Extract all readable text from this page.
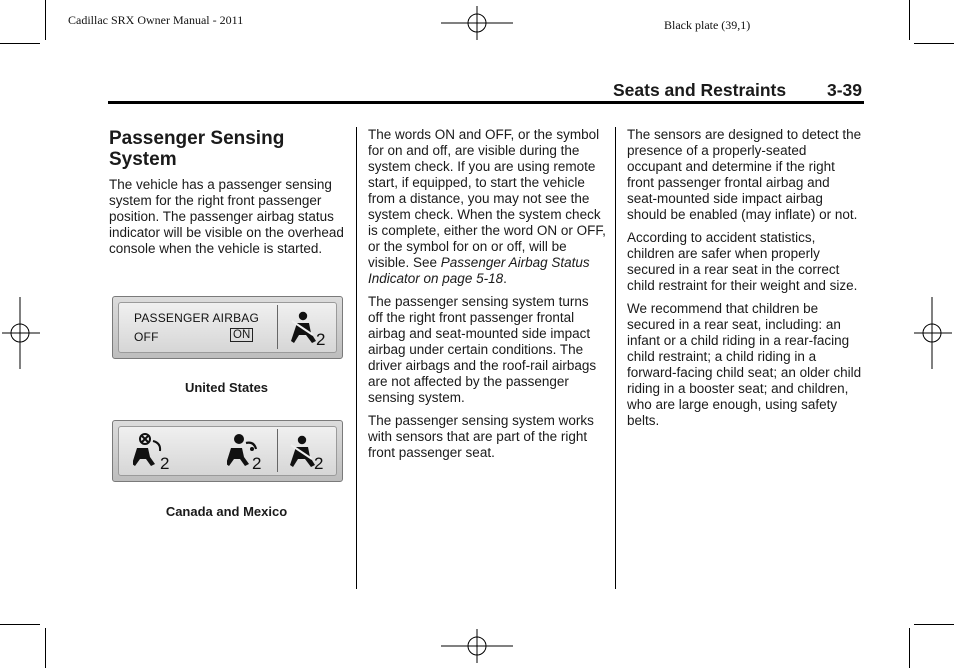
Cadillac SRX Owner Manual - 2011	Black plate (39,1)
Seats and Restraints 3-39
Passenger Sensing System

The vehicle has a passenger sensing system for the right front passenger position. The passenger airbag status indicator will be visible on the overhead console when the vehicle is started.

PASSENGER AIRBAG
OFF	ON	2
United States
2	2	2
Canada and Mexico

The words ON and OFF, or the symbol for on and off, are visible during the system check. If you are using remote start, if equipped, to start the vehicle from a distance, you may not see the system check. When the system check is complete, either the word ON or OFF, or the symbol for on or off, will be visible. See Passenger Airbag Status Indicator on page 5-18.

The passenger sensing system turns off the right front passenger frontal airbag and seat-mounted side impact airbag under certain conditions. The driver airbags and the roof-rail airbags are not affected by the passenger sensing system.

The passenger sensing system works with sensors that are part of the right front passenger seat.

The sensors are designed to detect the presence of a properly-seated occupant and determine if the right front passenger frontal airbag and seat-mounted side impact airbag should be enabled (may inflate) or not.

According to accident statistics, children are safer when properly secured in a rear seat in the correct child restraint for their weight and size.

We recommend that children be secured in a rear seat, including: an infant or a child riding in a rear-facing child restraint; a child riding in a forward-facing child seat; an older child riding in a booster seat; and children, who are large enough, using safety belts.
